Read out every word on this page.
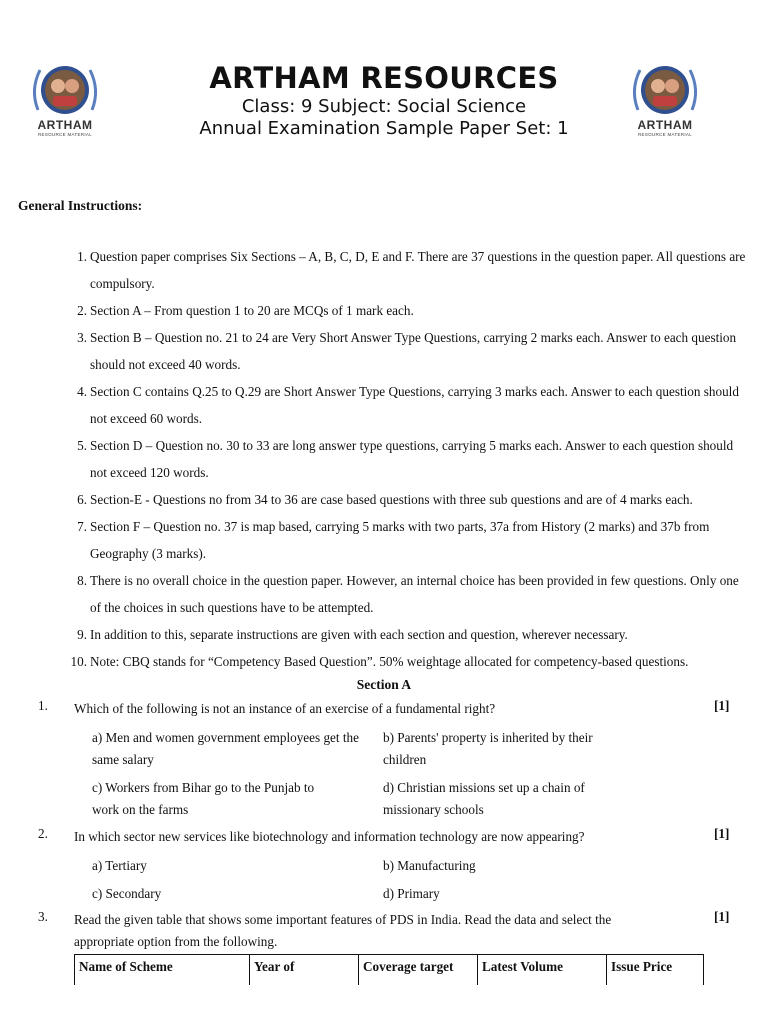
ARTHAM
RESOURCE MATERIAL
ARTHAM
RESOURCE MATERIAL
ARTHAM RESOURCES
Class: 9 Subject: Social Science
Annual Examination Sample Paper Set: 1
General Instructions:
1. Question paper comprises Six Sections – A, B, C, D, E and F. There are 37 questions in the question paper. All questions are compulsory.
2. Section A – From question 1 to 20 are MCQs of 1 mark each.
3. Section B – Question no. 21 to 24 are Very Short Answer Type Questions, carrying 2 marks each. Answer to each question should not exceed 40 words.
4. Section C contains Q.25 to Q.29 are Short Answer Type Questions, carrying 3 marks each. Answer to each question should not exceed 60 words.
5. Section D – Question no. 30 to 33 are long answer type questions, carrying 5 marks each. Answer to each question should not exceed 120 words.
6. Section-E - Questions no from 34 to 36 are case based questions with three sub questions and are of 4 marks each.
7. Section F – Question no. 37 is map based, carrying 5 marks with two parts, 37a from History (2 marks) and 37b from Geography (3 marks).
8. There is no overall choice in the question paper. However, an internal choice has been provided in few questions. Only one of the choices in such questions have to be attempted.
9. In addition to this, separate instructions are given with each section and question, wherever necessary.
10. Note: CBQ stands for “Competency Based Question”. 50% weightage allocated for competency-based questions.
Section A
1. Which of the following is not an instance of an exercise of a fundamental right?	[1]
a) Men and women government employees get the same salary
b) Parents' property is inherited by their children
c) Workers from Bihar go to the Punjab to work on the farms
d) Christian missions set up a chain of missionary schools
2. In which sector new services like biotechnology and information technology are now appearing?	[1]
a) Tertiary	b) Manufacturing
c) Secondary	d) Primary
3. Read the given table that shows some important features of PDS in India. Read the data and select the appropriate option from the following.
[1]
Name of Scheme	Year of	Coverage target	Latest Volume	Issue Price
